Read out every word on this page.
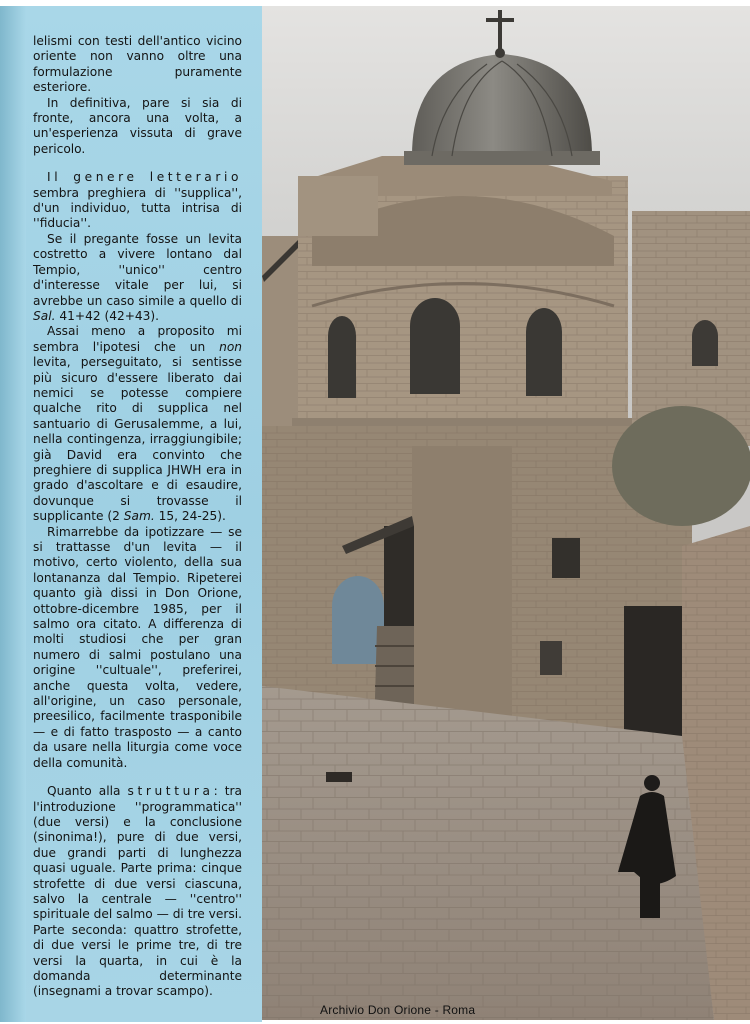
lelismi con testi dell'antico vicino oriente non vanno oltre una formulazione puramente esteriore.

In definitiva, pare si sia di fronte, ancora una volta, a un'esperienza vissuta di grave pericolo.

Il genere letterario sembra preghiera di ''supplica'', d'un individuo, tutta intrisa di ''fiducia''.

Se il pregante fosse un levita costretto a vivere lontano dal Tempio, ''unico'' centro d'interesse vitale per lui, si avrebbe un caso simile a quello di Sal. 41+42 (42+43).

Assai meno a proposito mi sembra l'ipotesi che un non levita, perseguitato, si sentisse più sicuro d'essere liberato dai nemici se potesse compiere qualche rito di supplica nel santuario di Gerusalemme, a lui, nella contingenza, irraggiungibile; già David era convinto che preghiere di supplica JHWH era in grado d'ascoltare e di esaudire, dovunque si trovasse il supplicante (2 Sam. 15, 24-25).

Rimarrebbe da ipotizzare — se si trattasse d'un levita — il motivo, certo violento, della sua lontananza dal Tempio. Ripeterei quanto già dissi in Don Orione, ottobre-dicembre 1985, per il salmo ora citato. A differenza di molti studiosi che per gran numero di salmi postulano una origine ''cultuale'', preferirei, anche questa volta, vedere, all'origine, un caso personale, preesilico, facilmente trasponibile — e di fatto trasposto — a canto da usare nella liturgia come voce della comunità.

Quanto alla struttura: tra l'introduzione ''programmatica'' (due versi) e la conclusione (sinonima!), pure di due versi, due grandi parti di lunghezza quasi uguale. Parte prima: cinque strofette di due versi ciascuna, salvo la centrale — ''centro'' spirituale del salmo — di tre versi. Parte seconda: quattro strofette, di due versi le prime tre, di tre versi la quarta, in cui è la domanda determinante (insegnami a trovar scampo).

Archivio Don Orione - Roma
